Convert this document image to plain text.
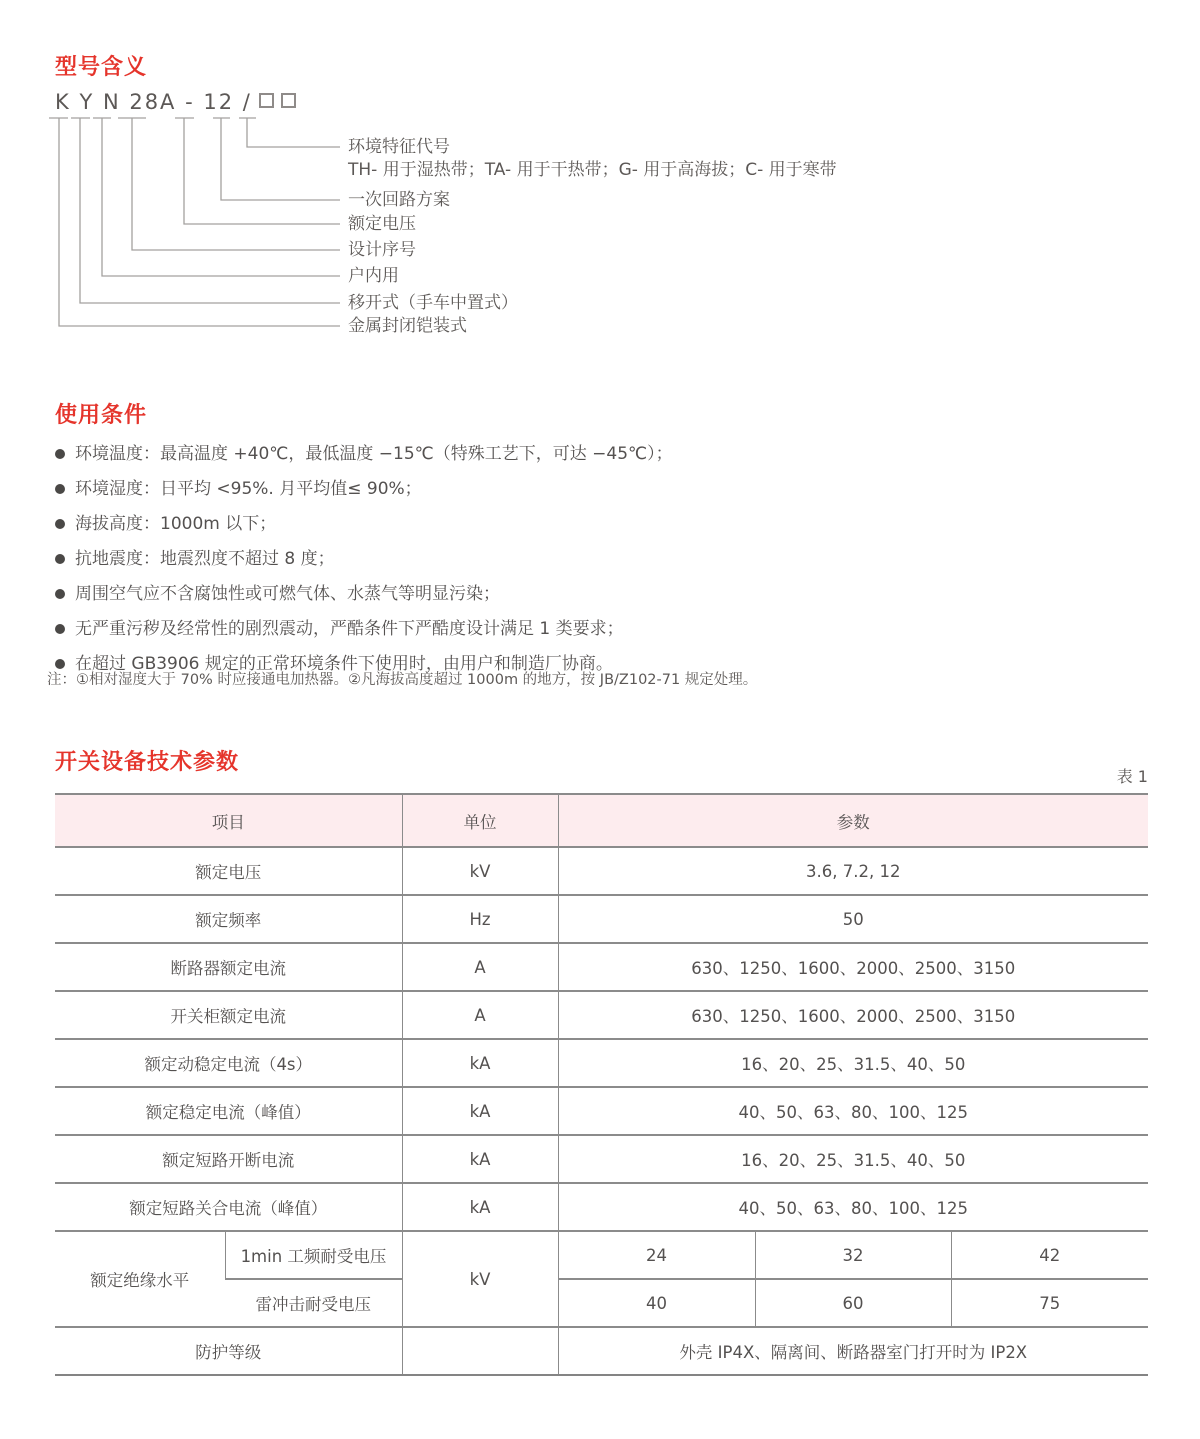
型号含义
K Y N 28A - 12 /
环境特征代号
TH- 用于湿热带；TA- 用于干热带；G- 用于高海拔；C- 用于寒带
一次回路方案
额定电压
设计序号
户内用
移开式（手车中置式）
金属封闭铠装式
使用条件
环境温度：最高温度 +40℃，最低温度 −15℃（特殊工艺下，可达 −45℃）；
环境湿度：日平均 <95%. 月平均值≤ 90%；
海拔高度：1000m 以下；
抗地震度：地震烈度不超过 8 度；
周围空气应不含腐蚀性或可燃气体、水蒸气等明显污染；
无严重污秽及经常性的剧烈震动，严酷条件下严酷度设计满足 1 类要求；
在超过 GB3906 规定的正常环境条件下使用时，由用户和制造厂协商。

注：①相对湿度大于 70% 时应接通电加热器。②凡海拔高度超过 1000m 的地方，按 JB/Z102-71 规定处理。

开关设备技术参数
表 1
项目		单位	参数		
额定电压		kV	3.6, 7.2, 12		
额定频率		Hz	50		
断路器额定电流		A	630、1250、1600、2000、2500、3150		
开关柜额定电流		A	630、1250、1600、2000、2500、3150		
额定动稳定电流（4s）		kA	16、20、25、31.5、40、50		
额定稳定电流（峰值）		kA	40、50、63、80、100、125		
额定短路开断电流		kA	16、20、25、31.5、40、50		
额定短路关合电流（峰值）		kA	40、50、63、80、100、125		
额定绝缘水平	1min 工频耐受电压	kV	24	32	42
	雷冲击耐受电压		40	60	75
防护等级			外壳 IP4X、隔离间、断路器室门打开时为 IP2X		
